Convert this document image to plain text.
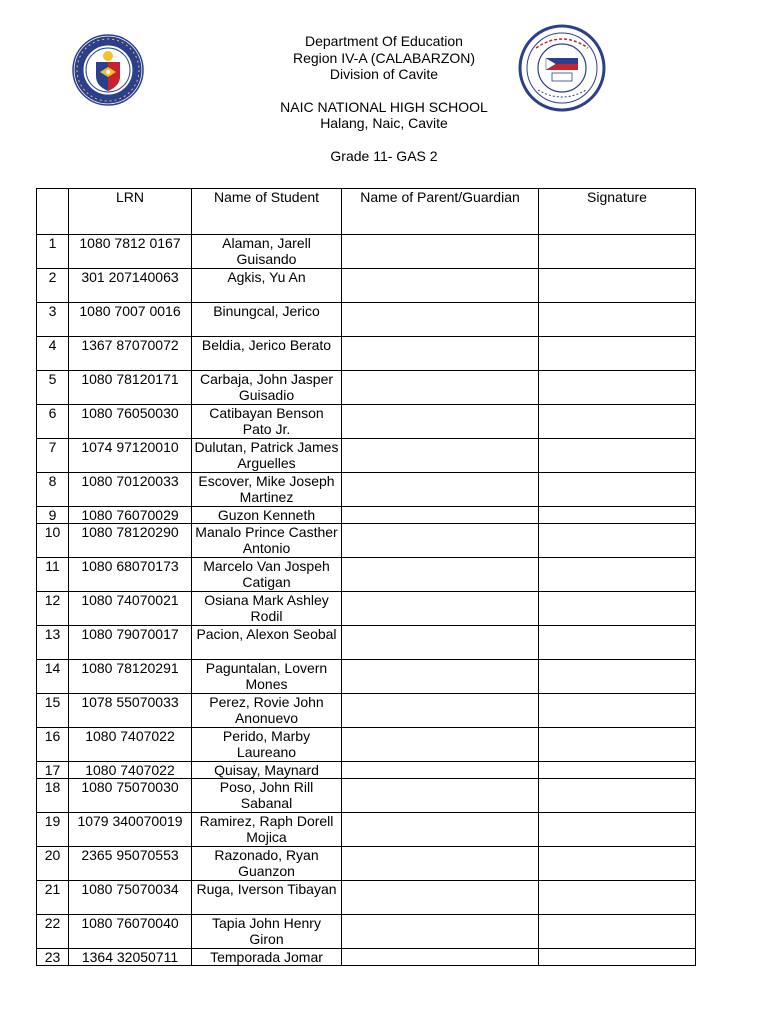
Department Of Education
Region IV-A (CALABARZON)
Division of Cavite
NAIC NATIONAL HIGH SCHOOL
Halang, Naic, Cavite
Grade 11- GAS 2
	LRN	Name of Student	Name of Parent/Guardian	Signature
1	1080 7812 0167	Alaman, Jarell Guisando		
2	301 207140063	Agkis, Yu An		
3	1080 7007 0016	Binungcal, Jerico		
4	1367 87070072	Beldia, Jerico Berato		
5	1080 78120171	Carbaja, John Jasper Guisadio		
6	1080 76050030	Catibayan Benson Pato Jr.		
7	1074 97120010	Dulutan, Patrick James Arguelles		
8	1080 70120033	Escover, Mike Joseph Martinez		
9	1080 76070029	Guzon Kenneth		
10	1080 78120290	Manalo Prince Casther Antonio		
11	1080 68070173	Marcelo Van Jospeh Catigan		
12	1080 74070021	Osiana Mark Ashley Rodil		
13	1080 79070017	Pacion, Alexon Seobal		
14	1080 78120291	Paguntalan, Lovern Mones		
15	1078 55070033	Perez, Rovie John Anonuevo		
16	1080 7407022	Perido, Marby Laureano		
17	1080 7407022	Quisay, Maynard		
18	1080 75070030	Poso, John Rill Sabanal		
19	1079 340070019	Ramirez, Raph Dorell Mojica		
20	2365 95070553	Razonado, Ryan Guanzon		
21	1080 75070034	Ruga, Iverson Tibayan		
22	1080 76070040	Tapia John Henry Giron		
23	1364 32050711	Temporada Jomar		
